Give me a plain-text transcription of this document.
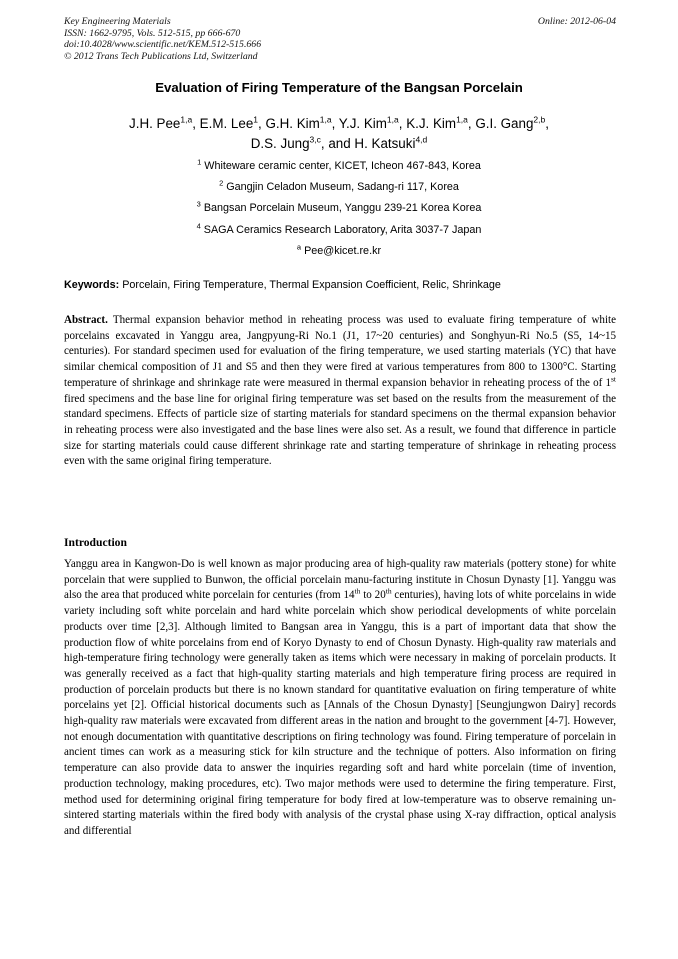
Key Engineering Materials
ISSN: 1662-9795, Vols. 512-515, pp 666-670
doi:10.4028/www.scientific.net/KEM.512-515.666
© 2012 Trans Tech Publications Ltd, Switzerland
Online: 2012-06-04
Evaluation of Firing Temperature of the Bangsan Porcelain
J.H. Pee$^{1,a}$, E.M. Lee$^1$, G.H. Kim$^{1,a}$, Y.J. Kim$^{1,a}$, K.J. Kim$^{1,a}$, G.I. Gang$^{2,b}$,
D.S. Jung$^{3,c}$, and H. Katsuki$^{4,d}$
$^1$ Whiteware ceramic center, KICET, Icheon 467-843, Korea
$^2$ Gangjin Celadon Museum, Sadang-ri 117, Korea
$^3$ Bangsan Porcelain Museum, Yanggu 239-21 Korea Korea
$^4$ SAGA Ceramics Research Laboratory, Arita 3037-7 Japan
$^a$ Pee@kicet.re.kr
Keywords: Porcelain, Firing Temperature, Thermal Expansion Coefficient, Relic, Shrinkage
Abstract. Thermal expansion behavior method in reheating process was used to evaluate firing temperature of white porcelains excavated in Yanggu area, Jangpyung-Ri No.1 (J1, 17~20 centuries) and Songhyun-Ri No.5 (S5, 14~15 centuries). For standard specimen used for evaluation of the firing temperature, we used starting materials (YC) that have similar chemical composition of J1 and S5 and then they were fired at various temperatures from 800 to 1300°C. Starting temperature of shrinkage and shrinkage rate were measured in thermal expansion behavior in reheating process of the of 1st fired specimens and the base line for original firing temperature was set based on the results from the measurement of the standard specimens. Effects of particle size of starting materials for standard specimens on the thermal expansion behavior in reheating process were also investigated and the base lines were also set. As a result, we found that difference in particle size for starting materials could cause different shrinkage rate and starting temperature of shrinkage in reheating process even with the same original firing temperature.
Introduction
Yanggu area in Kangwon-Do is well known as major producing area of high-quality raw materials (pottery stone) for white porcelain that were supplied to Bunwon, the official porcelain manu-facturing institute in Chosun Dynasty [1]. Yanggu was also the area that produced white porcelain for centuries (from 14th to 20th centuries), having lots of white porcelains in wide variety including soft white porcelain and hard white porcelain which show periodical developments of white porcelain products over time [2,3]. Although limited to Bangsan area in Yanggu, this is a part of important data that show the production flow of white porcelains from end of Koryo Dynasty to end of Chosun Dynasty. High-quality raw materials and high-temperature firing technology were generally taken as items which were necessary in making of porcelain products. It was generally received as a fact that high-quality starting materials and high temperature firing process are required in production of porcelain products but there is no known standard for quantitative evaluation on firing temperature of white porcelains yet [2]. Official historical documents such as [Annals of the Chosun Dynasty] [Seungjungwon Dairy] records high-quality raw materials were excavated from different areas in the nation and brought to the government [4-7]. However, not enough documentation with quantitative descriptions on firing technology was found. Firing temperature of porcelain in ancient times can work as a measuring stick for kiln structure and the technique of potters. Also information on firing temperature can also provide data to answer the inquiries regarding soft and hard white porcelain (time of invention, production technology, making procedures, etc). Two major methods were used to determine the firing temperature. First, method used for determining original firing temperature for body fired at low-temperature was to observe remaining un-sintered starting materials within the fired body with analysis of the crystal phase using X-ray diffraction, optical analysis and differential
